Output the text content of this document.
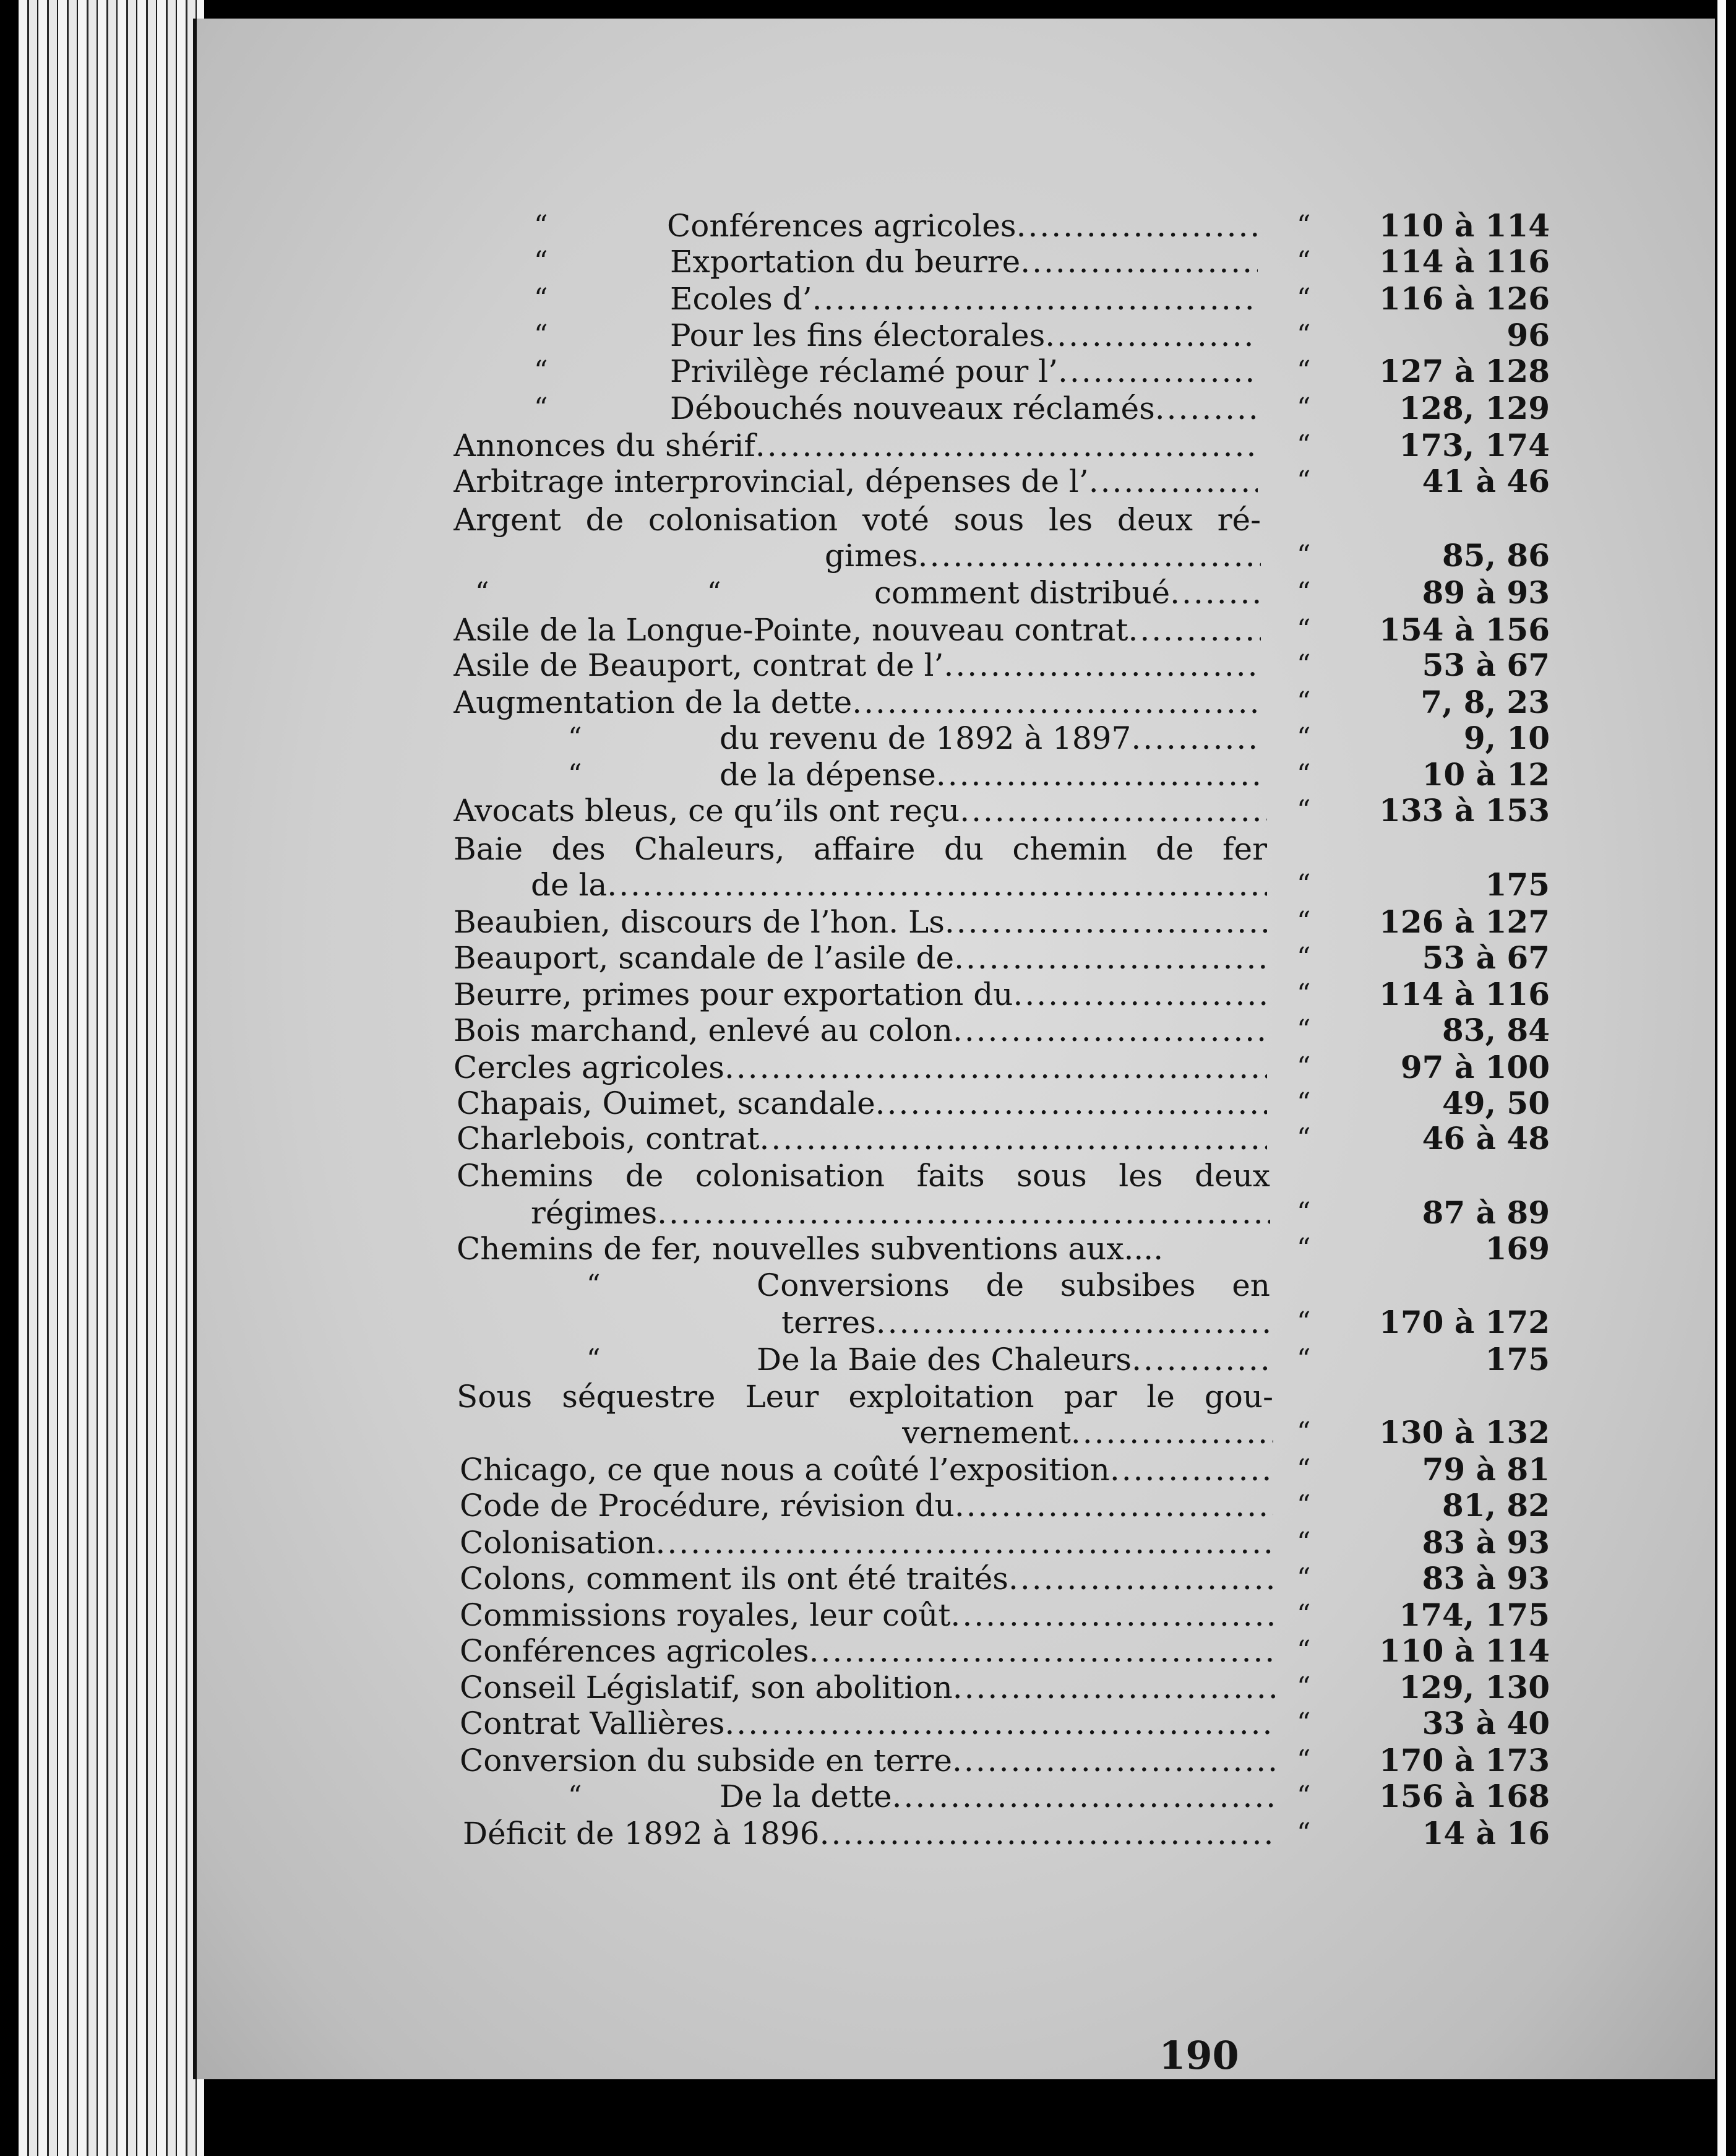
“	Conférences agricoles .....	“	110 à 114
“	Exportation du beurre .....	“	114 à 116
“	Ecoles d’ .....	“	116 à 126
“	Pour les fins électorales .....	“	96
“	Privilège réclamé pour l’ .....	“	127 à 128
“	Débouchés nouveaux réclamés .....	“	128, 129
Annonces du shérif .....	“	173, 174
Arbitrage interprovincial, dépenses de l’ .....	“	41 à 46
Argent de colonisation voté sous les deux ré-
gimes .....	“	85, 86
“	“	comment distribué .....	“	89 à 93
Asile de la Longue-Pointe, nouveau contrat .....	“	154 à 156
Asile de Beauport, contrat de l’ .....	“	53 à 67
Augmentation de la dette .....	“	7, 8, 23
“	du revenu de 1892 à 1897 .....	“	9, 10
“	de la dépense .....	“	10 à 12
Avocats bleus, ce qu’ils ont reçu .....	“	133 à 153
Baie des Chaleurs, affaire du chemin de fer
de la .....	“	175
Beaubien, discours de l’hon. Ls .....	“	126 à 127
Beauport, scandale de l’asile de .....	“	53 à 67
Beurre, primes pour exportation du .....	“	114 à 116
Bois marchand, enlevé au colon .....	“	83, 84
Cercles agricoles .....	“	97 à 100
Chapais, Ouimet, scandale .....	“	49, 50
Charlebois, contrat .....	“	46 à 48
Chemins de colonisation faits sous les deux
régimes .....	“	87 à 89
Chemins de fer, nouvelles subventions aux....	“	169
“	Conversions de subsibes en
terres .....	“	170 à 172
“	De la Baie des Chaleurs .....	“	175
Sous séquestre Leur exploitation par le gou-
vernement .....	“	130 à 132
Chicago, ce que nous a coûté l’exposition .....	“	79 à 81
Code de Procédure, révision du .....	“	81, 82
Colonisation .....	“	83 à 93
Colons, comment ils ont été traités .....	“	83 à 93
Commissions royales, leur coût .....	“	174, 175
Conférences agricoles .....	“	110 à 114
Conseil Législatif, son abolition .....	“	129, 130
Contrat Vallières .....	“	33 à 40
Conversion du subside en terre .....	“	170 à 173
“	De la dette .....	“	156 à 168
Déficit de 1892 à 1896 .....	“	14 à 16
190
